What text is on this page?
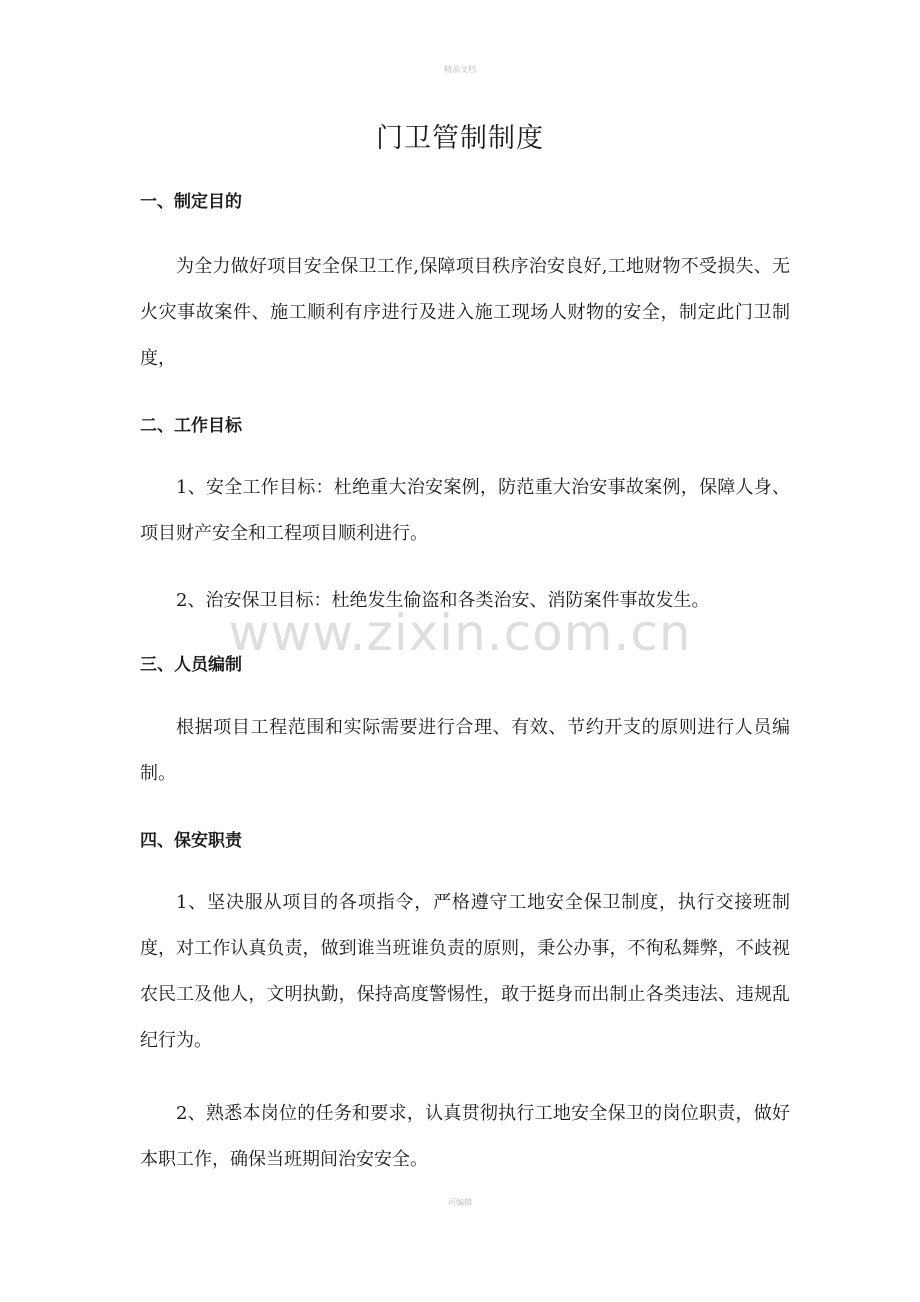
精品文档
门卫管制制度
一、制定目的

为全力做好项目安全保卫工作,保障项目秩序治安良好,工地财物不受损失、无火灾事故案件、施工顺利有序进行及进入施工现场人财物的安全，制定此门卫制度，

二、工作目标

1、安全工作目标：杜绝重大治安案例，防范重大治安事故案例，保障人身、项目财产安全和工程项目顺利进行。

2、治安保卫目标：杜绝发生偷盗和各类治安、消防案件事故发生。

三、人员编制

根据项目工程范围和实际需要进行合理、有效、节约开支的原则进行人员编制。

四、保安职责

1、坚决服从项目的各项指令，严格遵守工地安全保卫制度，执行交接班制度，对工作认真负责，做到谁当班谁负责的原则，秉公办事，不徇私舞弊，不歧视农民工及他人，文明执勤，保持高度警惕性，敢于挺身而出制止各类违法、违规乱纪行为。

2、熟悉本岗位的任务和要求，认真贯彻执行工地安全保卫的岗位职责，做好本职工作，确保当班期间治安安全。

www.zixin.com.cn
可编辑
